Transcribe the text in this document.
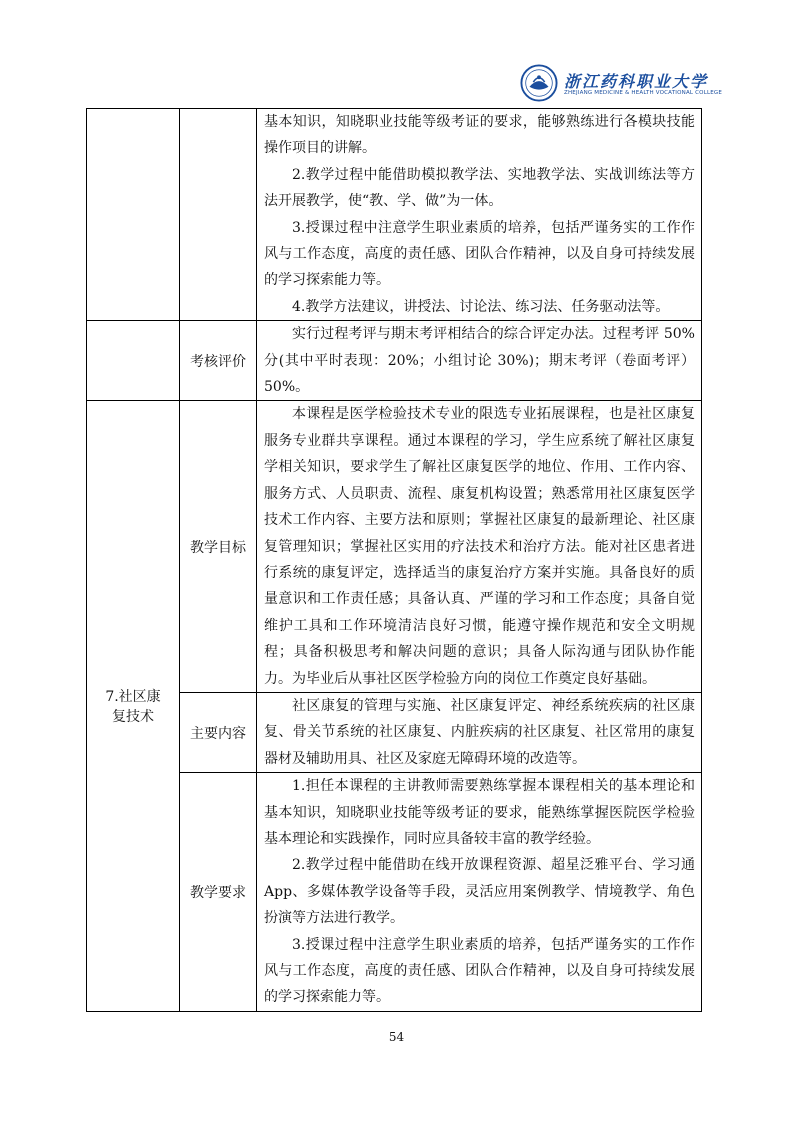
浙江药科职业大学
ZHEJIANG MEDICINE & HEALTH VOCATIONAL COLLEGE

		基本知识，知晓职业技能等级考证的要求，能够熟练进行各模块技能操作项目的讲解。

2.教学过程中能借助模拟教学法、实地教学法、实战训练法等方法开展教学，使“教、学、做”为一体。

3.授课过程中注意学生职业素质的培养，包括严谨务实的工作作风与工作态度，高度的责任感、团队合作精神，以及自身可持续发展的学习探索能力等。

4.教学方法建议，讲授法、讨论法、练习法、任务驱动法等。

	考核评价	实行过程考评与期末考评相结合的综合评定办法。过程考评 50%分(其中平时表现：20%；小组讨论 30%)；期末考评（卷面考评）50%。

7.社区康复技术	教学目标	本课程是医学检验技术专业的限选专业拓展课程，也是社区康复服务专业群共享课程。通过本课程的学习，学生应系统了解社区康复学相关知识，要求学生了解社区康复医学的地位、作用、工作内容、服务方式、人员职责、流程、康复机构设置；熟悉常用社区康复医学技术工作内容、主要方法和原则；掌握社区康复的最新理论、社区康复管理知识；掌握社区实用的疗法技术和治疗方法。能对社区患者进行系统的康复评定，选择适当的康复治疗方案并实施。具备良好的质量意识和工作责任感；具备认真、严谨的学习和工作态度；具备自觉维护工具和工作环境清洁良好习惯，能遵守操作规范和安全文明规程；具备积极思考和解决问题的意识；具备人际沟通与团队协作能力。为毕业后从事社区医学检验方向的岗位工作奠定良好基础。

	主要内容	社区康复的管理与实施、社区康复评定、神经系统疾病的社区康复、骨关节系统的社区康复、内脏疾病的社区康复、社区常用的康复器材及辅助用具、社区及家庭无障碍环境的改造等。

	教学要求	1.担任本课程的主讲教师需要熟练掌握本课程相关的基本理论和基本知识，知晓职业技能等级考证的要求，能熟练掌握医院医学检验基本理论和实践操作，同时应具备较丰富的教学经验。

2.教学过程中能借助在线开放课程资源、超星泛雅平台、学习通App、多媒体教学设备等手段，灵活应用案例教学、情境教学、角色扮演等方法进行教学。

3.授课过程中注意学生职业素质的培养，包括严谨务实的工作作风与工作态度，高度的责任感、团队合作精神，以及自身可持续发展的学习探索能力等。

54
